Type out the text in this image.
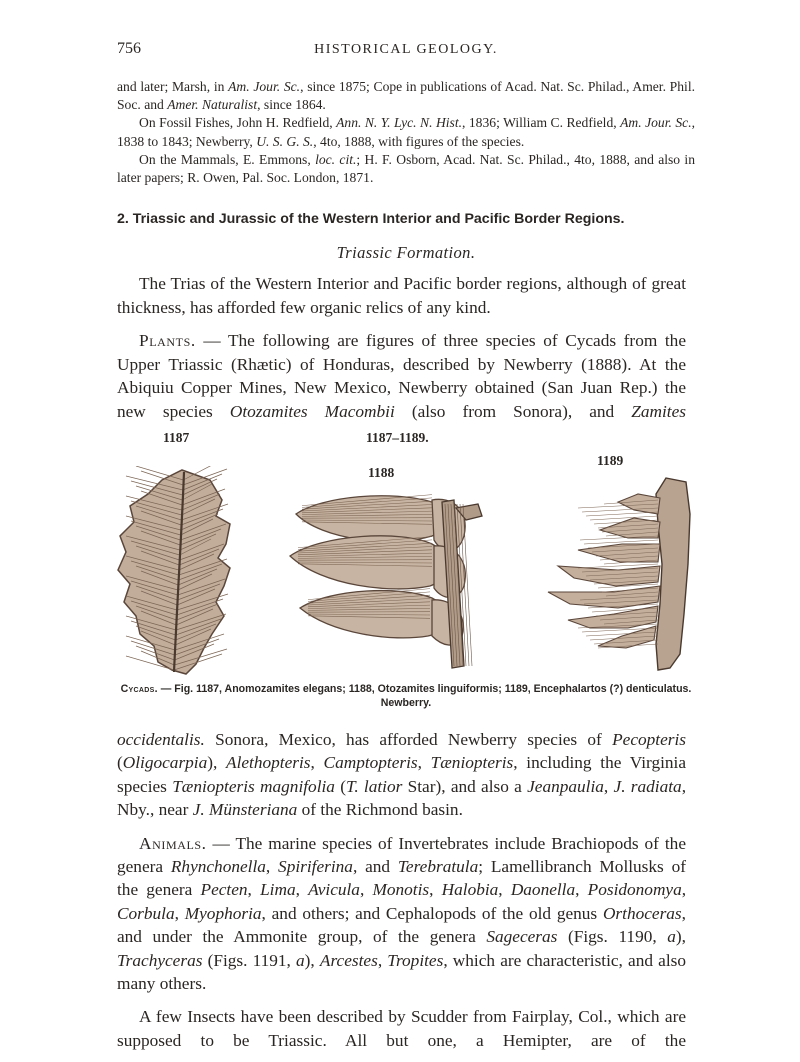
756	HISTORICAL GEOLOGY.

and later; Marsh, in Am. Jour. Sc., since 1875; Cope in publications of Acad. Nat. Sc. Philad., Amer. Phil. Soc. and Amer. Naturalist, since 1864.

On Fossil Fishes, John H. Redfield, Ann. N. Y. Lyc. N. Hist., 1836; William C. Redfield, Am. Jour. Sc., 1838 to 1843; Newberry, U. S. G. S., 4to, 1888, with figures of the species.

On the Mammals, E. Emmons, loc. cit.; H. F. Osborn, Acad. Nat. Sc. Philad., 4to, 1888, and also in later papers; R. Owen, Pal. Soc. London, 1871.

2. Triassic and Jurassic of the Western Interior and Pacific Border Regions.
Triassic Formation.

The Trias of the Western Interior and Pacific border regions, although of great thickness, has afforded few organic relics of any kind.

Plants. — The following are figures of three species of Cycads from the Upper Triassic (Rhætic) of Honduras, described by Newberry (1888). At the Abiquiu Copper Mines, New Mexico, Newberry obtained (San Juan Rep.) the new species Otozamites Macombii (also from Sonora), and Zamites

1187	1187–1189.
1188
1189
Cycads. — Fig. 1187, Anomozamites elegans; 1188, Otozamites linguiformis; 1189, Encephalartos (?) denticulatus. Newberry.

occidentalis. Sonora, Mexico, has afforded Newberry species of Pecopteris (Oligocarpia), Alethopteris, Camptopteris, Tæniopteris, including the Virginia species Tæniopteris magnifolia (T. latior Star), and also a Jeanpaulia, J. radiata, Nby., near J. Münsteriana of the Richmond basin.

Animals. — The marine species of Invertebrates include Brachiopods of the genera Rhynchonella, Spiriferina, and Terebratula; Lamellibranch Mollusks of the genera Pecten, Lima, Avicula, Monotis, Halobia, Daonella, Posidonomya, Corbula, Myophoria, and others; and Cephalopods of the old genus Orthoceras, and under the Ammonite group, of the genera Sageceras (Figs. 1190, a), Trachyceras (Figs. 1191, a), Arcestes, Tropites, which are characteristic, and also many others.

A few Insects have been described by Scudder from Fairplay, Col., which are supposed to be Triassic. All but one, a Hemipter, are of the
